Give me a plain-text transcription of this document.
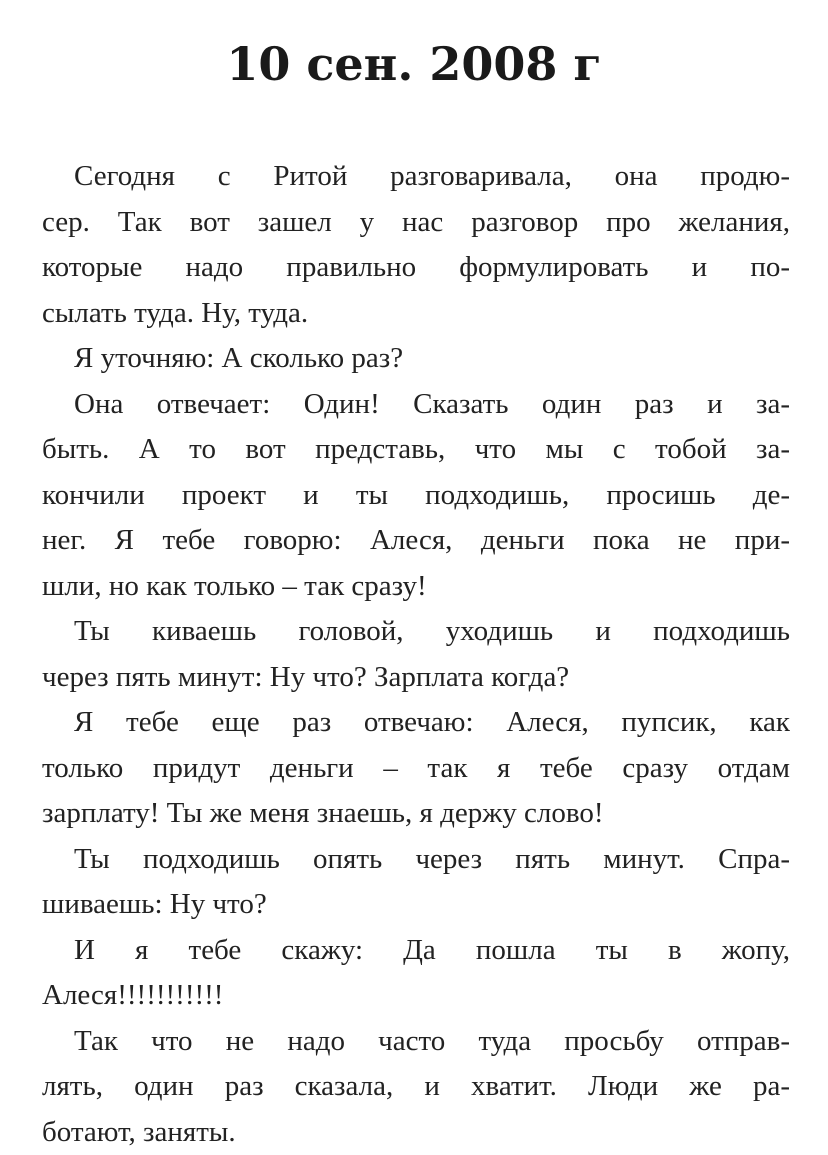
10 сен. 2008 г
Сегодня с Ритой разговаривала, она продю-
сер. Так вот зашел у нас разговор про желания,
которые надо правильно формулировать и по-
сылать туда. Ну, туда.
Я уточняю: А сколько раз?
Она отвечает: Один! Сказать один раз и за-
быть. А то вот представь, что мы с тобой за-
кончили проект и ты подходишь, просишь де-
нег. Я тебе говорю: Алеся, деньги пока не при-
шли, но как только – так сразу!
Ты киваешь головой, уходишь и подходишь
через пять минут: Ну что? Зарплата когда?
Я тебе еще раз отвечаю: Алеся, пупсик, как
только придут деньги – так я тебе сразу отдам
зарплату! Ты же меня знаешь, я держу слово!
Ты подходишь опять через пять минут. Спра-
шиваешь: Ну что?
И я тебе скажу: Да пошла ты в жопу,
Алеся!!!!!!!!!!!
Так что не надо часто туда просьбу отправ-
лять, один раз сказала, и хватит. Люди же ра-
ботают, заняты.
